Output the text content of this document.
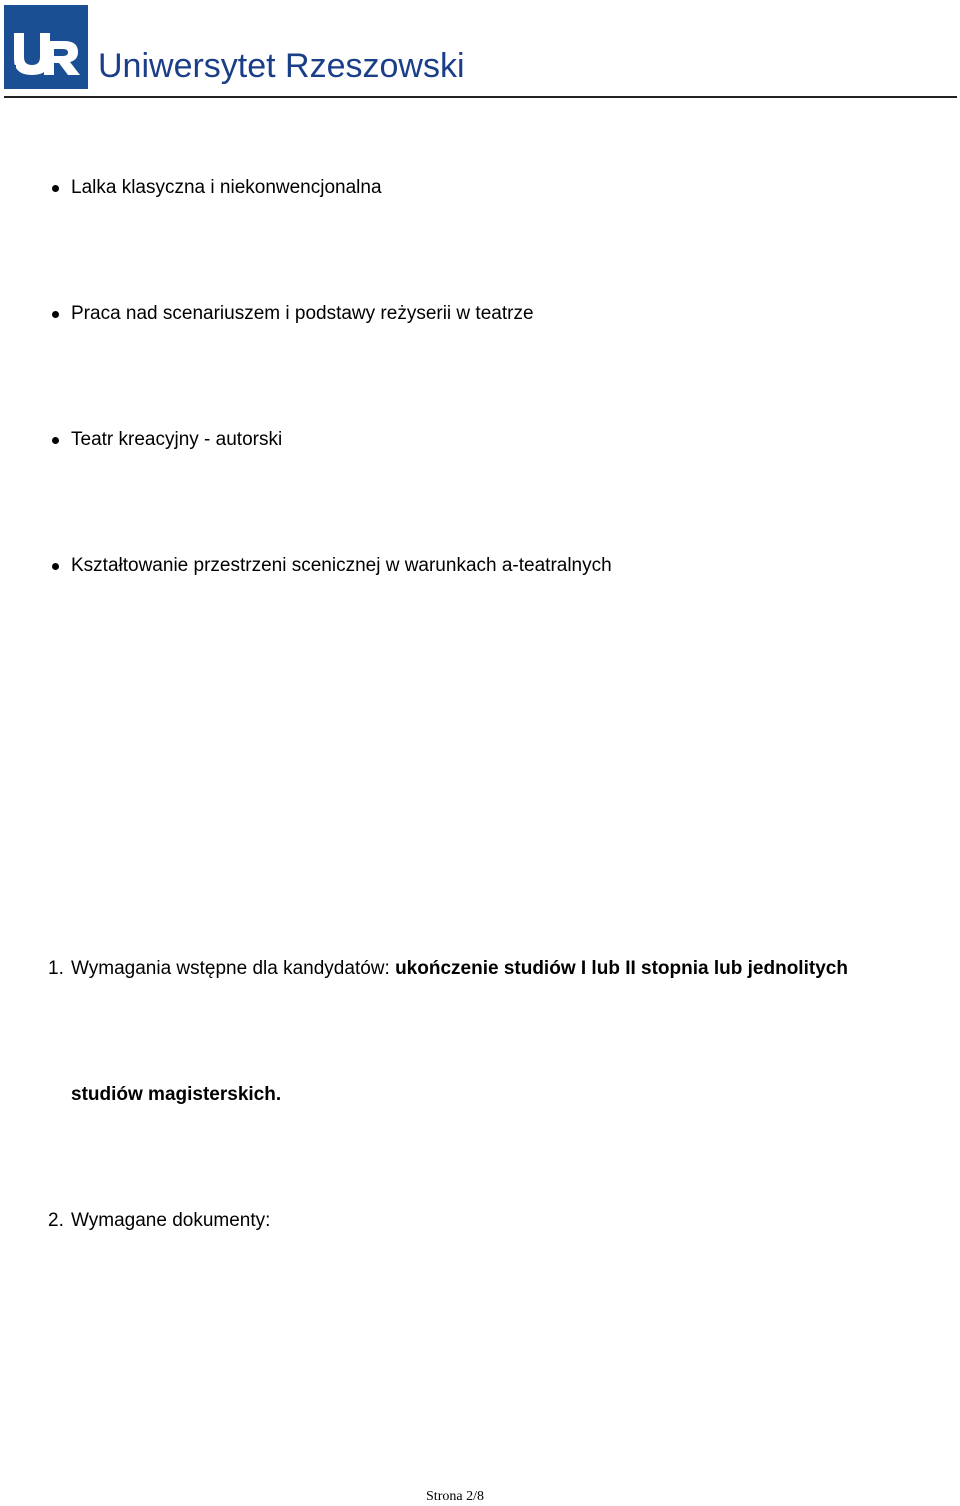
Uniwersytet Rzeszowski
Lalka klasyczna i niekonwencjonalna
Praca nad scenariuszem i podstawy reżyserii w teatrze
Teatr kreacyjny - autorski
Kształtowanie przestrzeni scenicznej w warunkach a-teatralnych
1. Wymagania wstępne dla kandydatów: ukończenie studiów I lub II stopnia lub jednolitych
studiów magisterskich.
2. Wymagane dokumenty:
Strona 2/8
